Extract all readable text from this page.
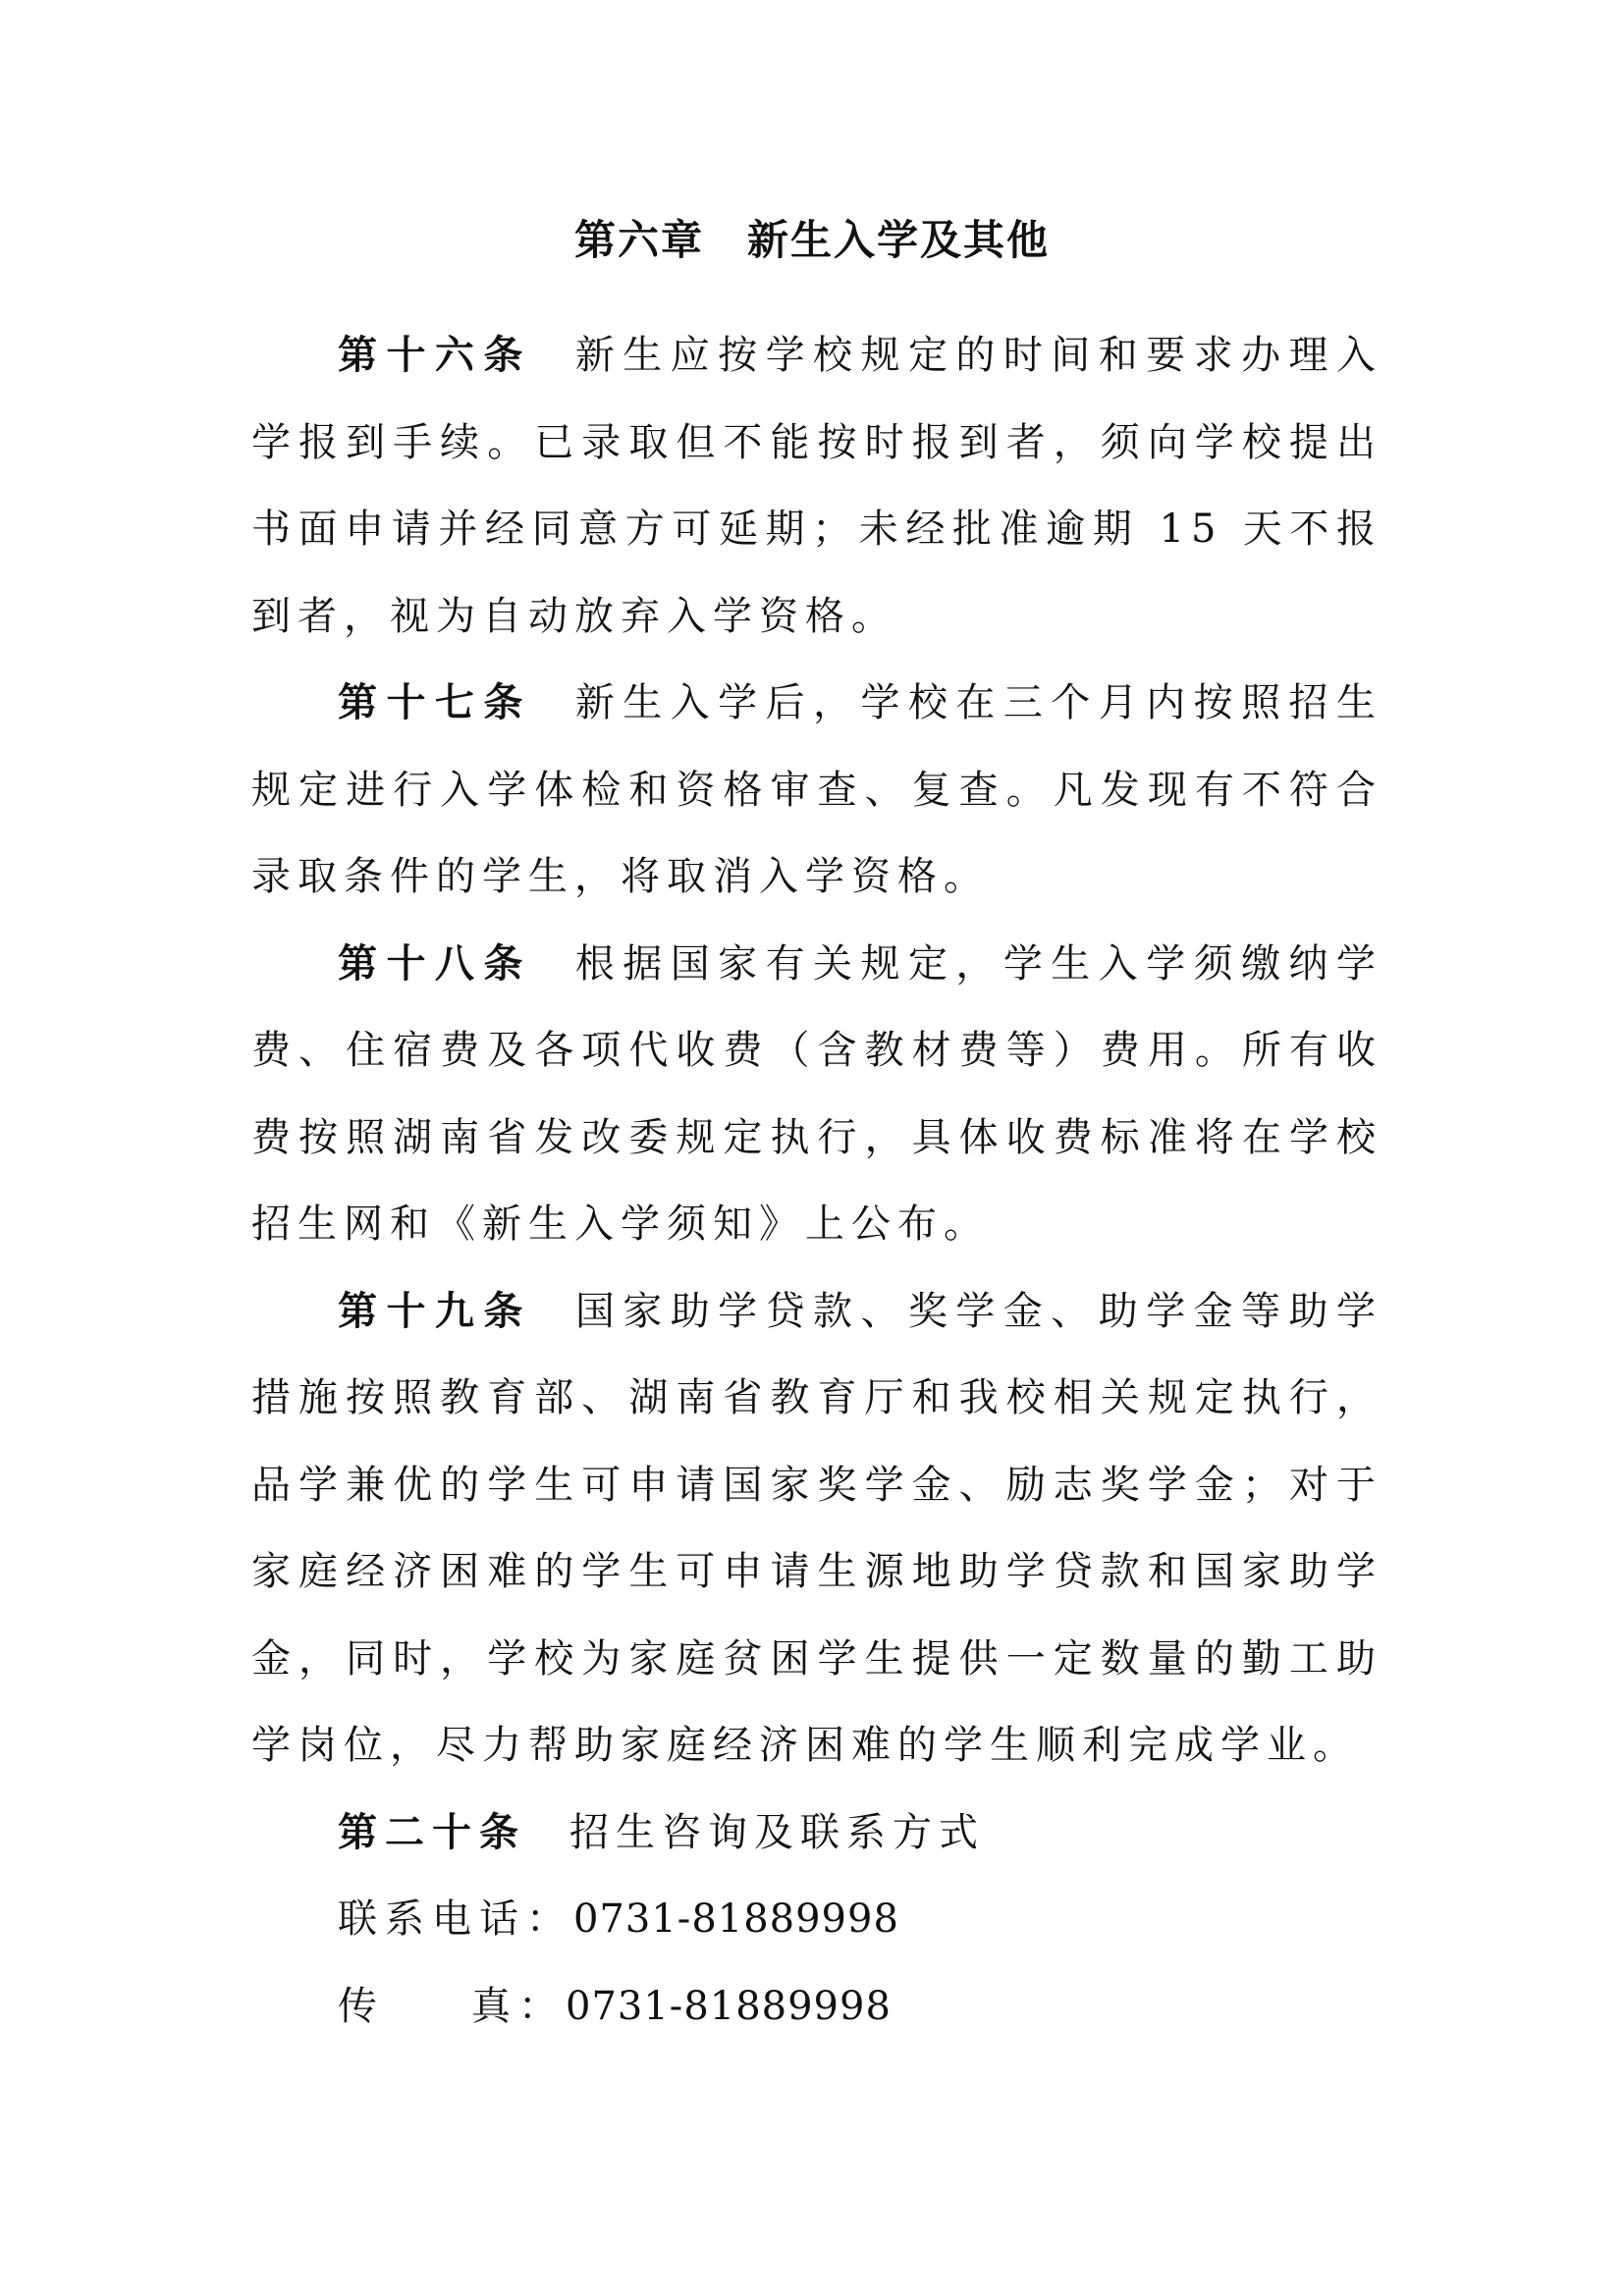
第六章　新生入学及其他

第十六条 新生应按学校规定的时间和要求办理入学报到手续。已录取但不能按时报到者，须向学校提出书面申请并经同意方可延期；未经批准逾期 15 天不报到者，视为自动放弃入学资格。

第十七条 新生入学后，学校在三个月内按照招生规定进行入学体检和资格审查、复查。凡发现有不符合录取条件的学生，将取消入学资格。

第十八条 根据国家有关规定，学生入学须缴纳学费、住宿费及各项代收费（含教材费等）费用。所有收费按照湖南省发改委规定执行，具体收费标准将在学校招生网和《新生入学须知》上公布。

第十九条 国家助学贷款、奖学金、助学金等助学措施按照教育部、湖南省教育厅和我校相关规定执行，品学兼优的学生可申请国家奖学金、励志奖学金；对于家庭经济困难的学生可申请生源地助学贷款和国家助学金，同时，学校为家庭贫困学生提供一定数量的勤工助学岗位，尽力帮助家庭经济困难的学生顺利完成学业。

第二十条 招生咨询及联系方式

联系电话：0731-81889998

传 真：0731-81889998
